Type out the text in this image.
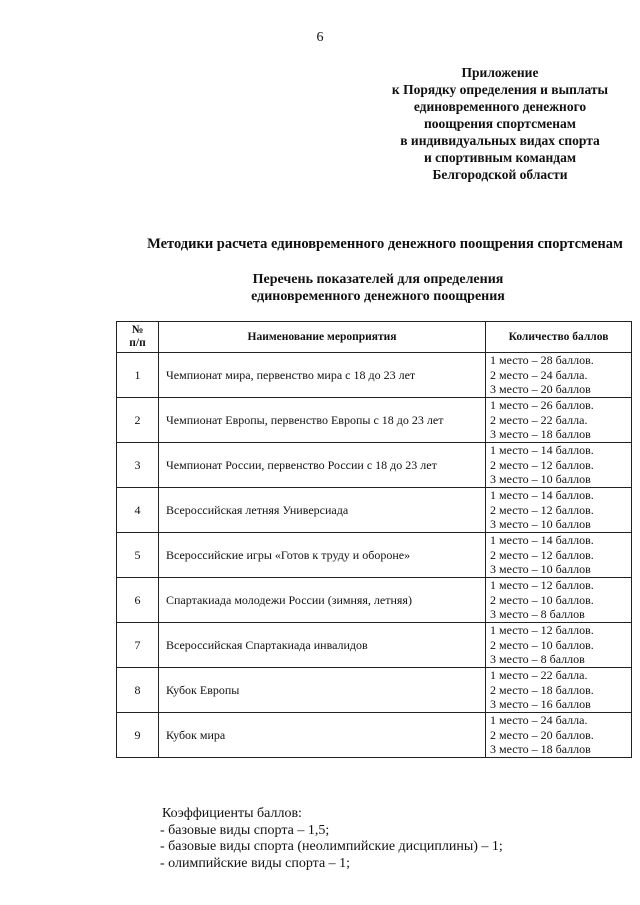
6
Приложение
к Порядку определения и выплаты
единовременного денежного
поощрения спортсменам
в индивидуальных видах спорта
и спортивным командам
Белгородской области
Методики расчета единовременного денежного поощрения спортсменам
Перечень показателей для определения
единовременного денежного поощрения
№
п/п	Наименование мероприятия	Количество баллов
1	Чемпионат мира, первенство мира с 18 до 23 лет	1 место – 28 баллов.
2 место – 24 балла.
3 место – 20 баллов

2	Чемпионат Европы, первенство Европы с 18 до 23 лет	1 место – 26 баллов.
2 место – 22 балла.
3 место – 18 баллов

3	Чемпионат России, первенство России с 18 до 23 лет	1 место – 14 баллов.
2 место – 12 баллов.
3 место – 10 баллов

4	Всероссийская летняя Универсиада	1 место – 14 баллов.
2 место – 12 баллов.
3 место – 10 баллов

5	Всероссийские игры «Готов к труду и обороне»	1 место – 14 баллов.
2 место – 12 баллов.
3 место – 10 баллов

6	Спартакиада молодежи России (зимняя, летняя)	1 место – 12 баллов.
2 место – 10 баллов.
3 место – 8 баллов

7	Всероссийская Спартакиада инвалидов	1 место – 12 баллов.
2 место – 10 баллов.
3 место – 8 баллов

8	Кубок Европы	1 место – 22 балла.
2 место – 18 баллов.
3 место – 16 баллов

9	Кубок мира	1 место – 24 балла.
2 место – 20 баллов.
3 место – 18 баллов
Коэффициенты баллов:
- базовые виды спорта – 1,5;
- базовые виды спорта (неолимпийские дисциплины) – 1;
- олимпийские виды спорта – 1;
